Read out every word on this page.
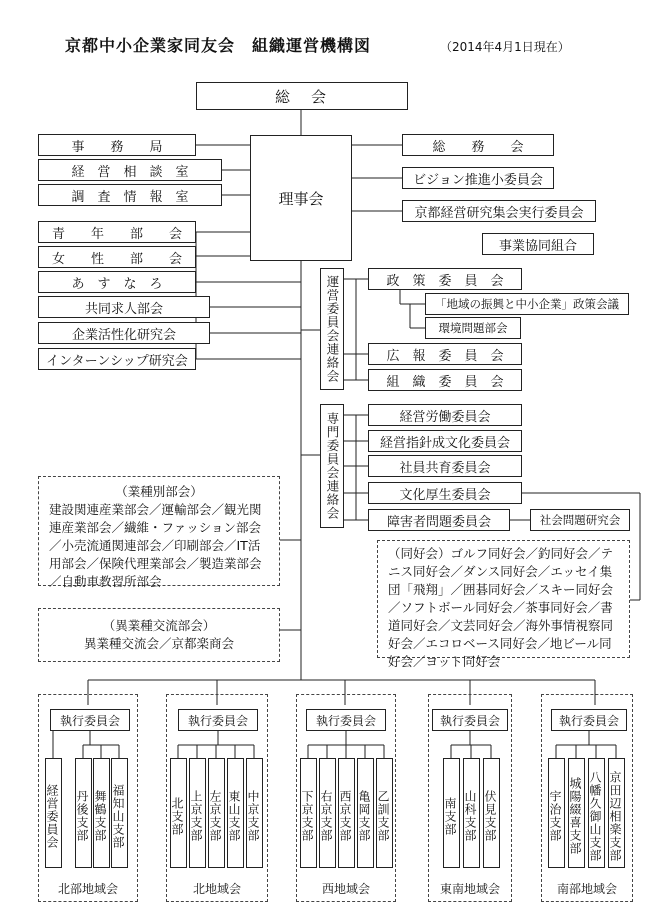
京都中小企業家同友会　組織運営機構図	（2014年4月1日現在）
総　会
理事会
事　　務　　局
経　営　相　談　室
調　査　情　報　室
青　　年　　部　　会
女　　性　　部　　会
あ　す　な　ろ
共同求人部会
企業活性化研究会
インターンシップ研究会
総　　務　　会
ビジョン推進小委員会
京都経営研究集会実行委員会
事業協同組合
運営委員会連絡会	政　策　委　員　会
「地域の振興と中小企業」政策会議
環境問題部会
広　報　委　員　会
組　織　委　員　会
専門委員会連絡会	経営労働委員会
経営指針成文化委員会
社員共育委員会
文化厚生委員会
障害者問題委員会	社会問題研究会
（業種別部会）
建設関連産業部会／運輸部会／観光関連産業部会／繊維・ファッション部会／小売流通関連部会／印刷部会／IT活用部会／保険代理業部会／製造業部会／自動車教習所部会
（異業種交流部会）
異業種交流会／京都楽商会
（同好会）ゴルフ同好会／釣同好会／テニス同好会／ダンス同好会／エッセイ集団「飛翔」／囲碁同好会／スキー同好会／ソフトボール同好会／茶事同好会／書道同好会／文芸同好会／海外事情視察同好会／エコロベース同好会／地ビール同好会／ヨット同好会
執行委員会
経営委員会 丹後支部 舞鶴支部 福知山支部
北部地域会
執行委員会
北支部 上京支部 左京支部 東山支部 中京支部
北地域会
執行委員会
下京支部 右京支部 西京支部 亀岡支部 乙訓支部
西地域会
執行委員会
南支部 山科支部 伏見支部
東南地域会
執行委員会
宇治支部 城陽綴喜支部 八幡久御山支部 京田辺相楽支部
南部地域会
